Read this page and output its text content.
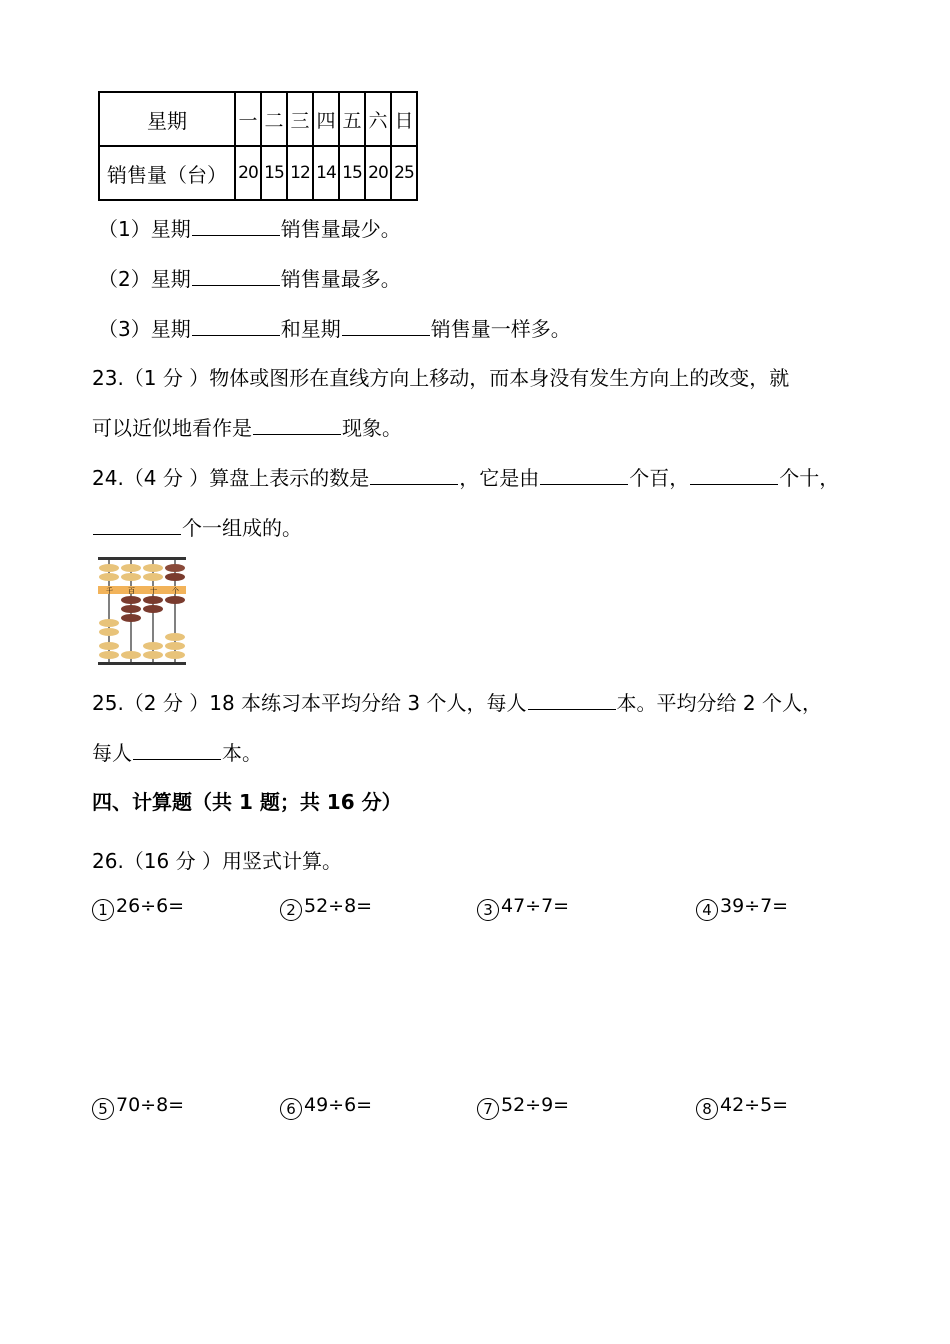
星期	一	二	三	四	五	六	日
销售量（台）	20	15	12	14	15	20	25
（1）星期	销售量最少。
（2）星期	销售量最多。
（3）星期	和星期	销售量一样多。
23.（1 分 ）物体或图形在直线方向上移动，而本身没有发生方向上的改变，就
可以近似地看作是	现象。
24.（4 分 ）算盘上表示的数是	，它是由	个百，	个十，
个一组成的。
千 百 十 个
25.（2 分 ）18 本练习本平均分给 3 个人，每人	本。平均分给 2 个人，
每人	本。
四、计算题（共 1 题；共 16 分）
26.（16 分 ）用竖式计算。
1 26÷6=	2 52÷8=	3 47÷7=	4 39÷7=
5 70÷8=	6 49÷6=	7 52÷9=	8 42÷5=
